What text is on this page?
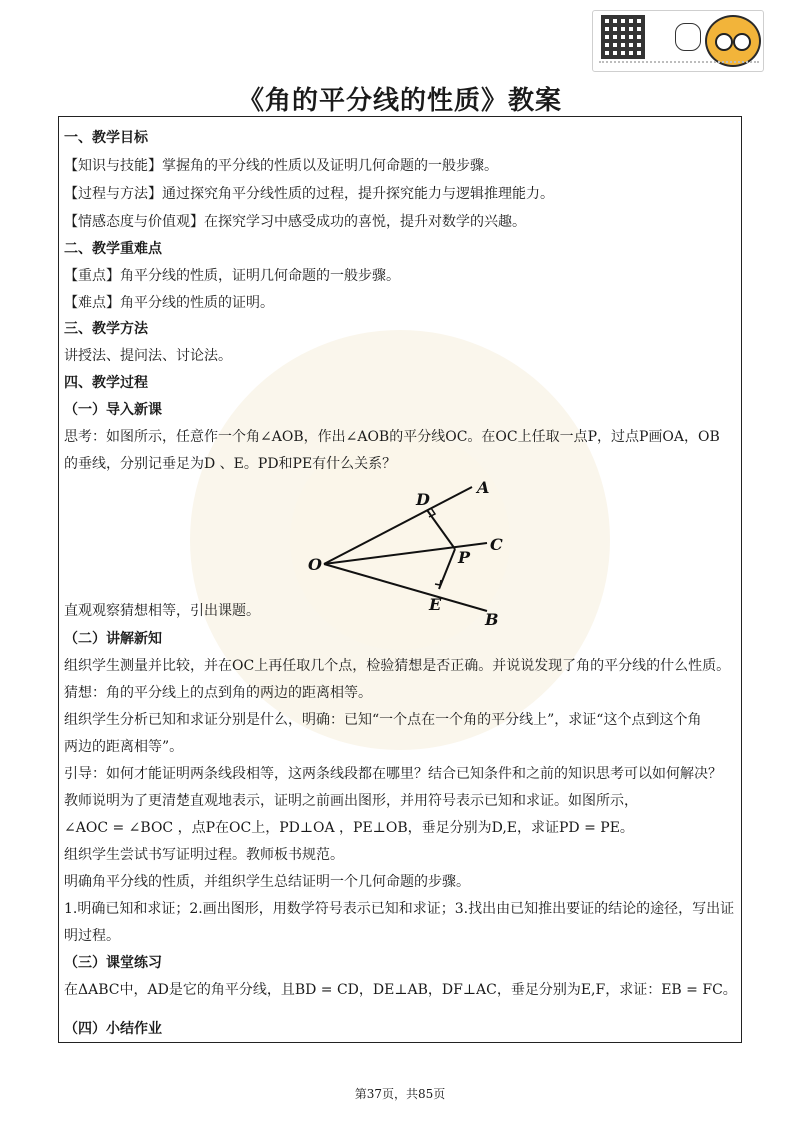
《角的平分线的性质》教案
一、教学目标
【知识与技能】掌握角的平分线的性质以及证明几何命题的一般步骤。
【过程与方法】通过探究角平分线性质的过程，提升探究能力与逻辑推理能力。
【情感态度与价值观】在探究学习中感受成功的喜悦，提升对数学的兴趣。
二、教学重难点
【重点】角平分线的性质，证明几何命题的一般步骤。
【难点】角平分线的性质的证明。
三、教学方法
讲授法、提问法、讨论法。
四、教学过程
（一）导入新课
思考：如图所示，任意作一个角∠AOB，作出∠AOB的平分线OC。在OC上任取一点P，过点P画OA，OB
的垂线，分别记垂足为D 、E。PD和PE有什么关系？
A
B
C
D
E
O	P
直观观察猜想相等，引出课题。
（二）讲解新知
组织学生测量并比较，并在OC上再任取几个点，检验猜想是否正确。并说说发现了角的平分线的什么性质。
猜想：角的平分线上的点到角的两边的距离相等。
组织学生分析已知和求证分别是什么，明确：已知“一个点在一个角的平分线上”，求证“这个点到这个角
两边的距离相等”。
引导：如何才能证明两条线段相等，这两条线段都在哪里？结合已知条件和之前的知识思考可以如何解决？
教师说明为了更清楚直观地表示，证明之前画出图形，并用符号表示已知和求证。如图所示，
∠AOC = ∠BOC ，点P在OC上，PD⊥OA ，PE⊥OB，垂足分别为D,E，求证PD = PE。
组织学生尝试书写证明过程。教师板书规范。
明确角平分线的性质，并组织学生总结证明一个几何命题的步骤。
1.明确已知和求证；2.画出图形，用数学符号表示已知和求证；3.找出由已知推出要证的结论的途径，写出证
明过程。
（三）课堂练习
在ΔABC中，AD是它的角平分线，且BD = CD，DE⊥AB，DF⊥AC，垂足分别为E,F，求证：EB = FC。
（四）小结作业
第37页，共85页
